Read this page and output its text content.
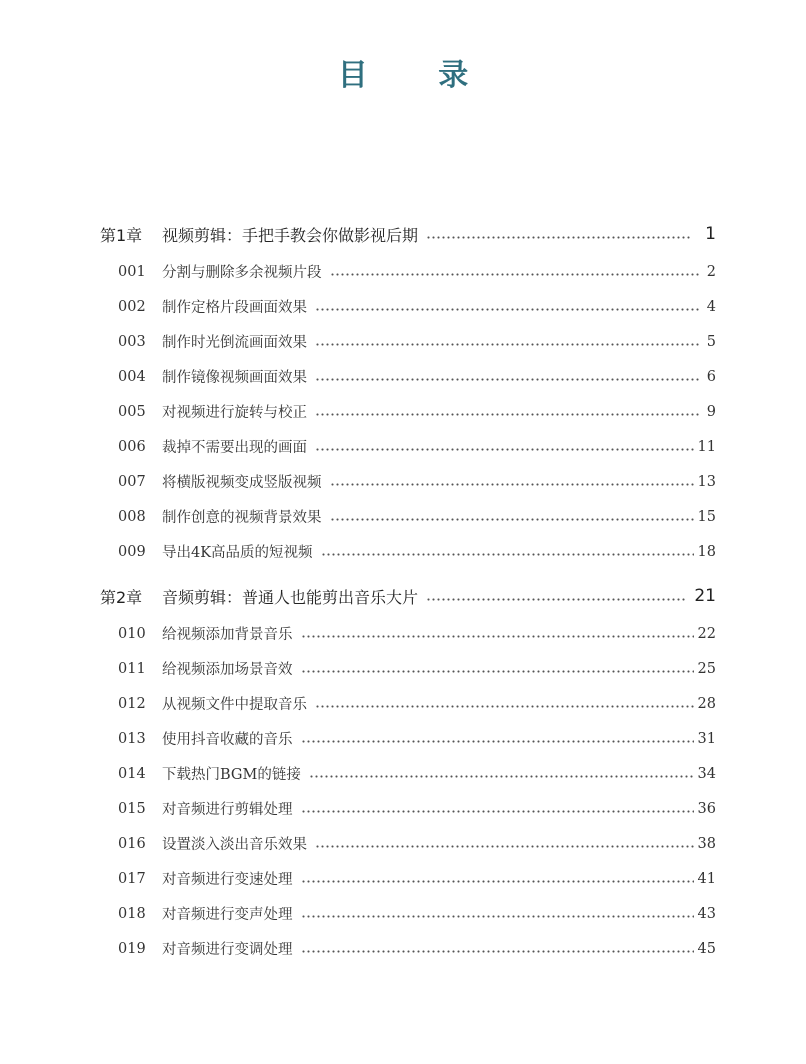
目 录
第1章	视频剪辑：手把手教会你做影视后期	1
001	分割与删除多余视频片段	2
002	制作定格片段画面效果	4
003	制作时光倒流画面效果	5
004	制作镜像视频画面效果	6
005	对视频进行旋转与校正	9
006	裁掉不需要出现的画面	11
007	将横版视频变成竖版视频	13
008	制作创意的视频背景效果	15
009	导出4K高品质的短视频	18
第2章	音频剪辑：普通人也能剪出音乐大片	21
010	给视频添加背景音乐	22
011	给视频添加场景音效	25
012	从视频文件中提取音乐	28
013	使用抖音收藏的音乐	31
014	下载热门BGM的链接	34
015	对音频进行剪辑处理	36
016	设置淡入淡出音乐效果	38
017	对音频进行变速处理	41
018	对音频进行变声处理	43
019	对音频进行变调处理	45
